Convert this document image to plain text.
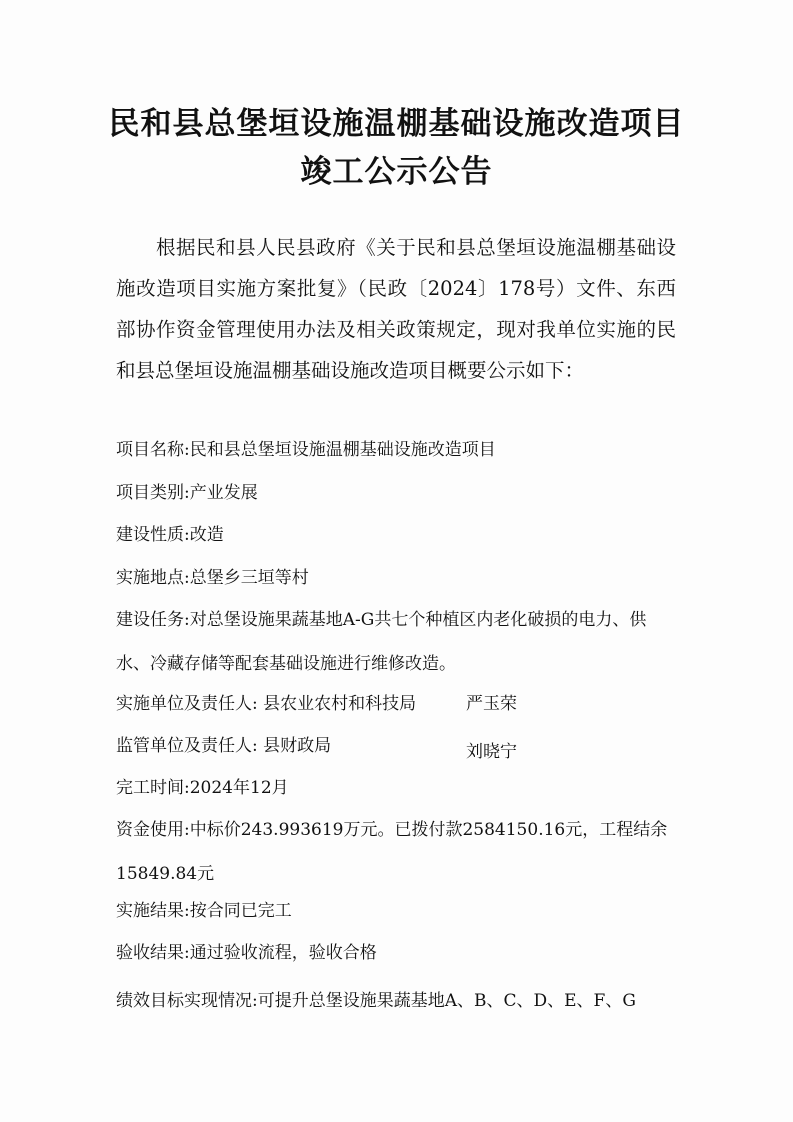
民和县总堡垣设施温棚基础设施改造项目
竣工公示公告

根据民和县人民县政府《关于民和县总堡垣设施温棚基础设施改造项目实施方案批复》（民政〔2024〕178号）文件、东西部协作资金管理使用办法及相关政策规定，现对我单位实施的民和县总堡垣设施温棚基础设施改造项目概要公示如下：

项目名称:民和县总堡垣设施温棚基础设施改造项目

项目类别:产业发展

建设性质:改造

实施地点:总堡乡三垣等村

建设任务:对总堡设施果蔬基地A-G共七个种植区内老化破损的电力、供水、冷藏存储等配套基础设施进行维修改造。

实施单位及责任人: 县农业农村和科技局	严玉荣
监管单位及责任人: 县财政局	刘晓宁

完工时间:2024年12月

资金使用:中标价243.993619万元。已拨付款2584150.16元，工程结余15849.84元

实施结果:按合同已完工

验收结果:通过验收流程，验收合格

绩效目标实现情况:可提升总堡设施果蔬基地A、B、C、D、E、F、G
